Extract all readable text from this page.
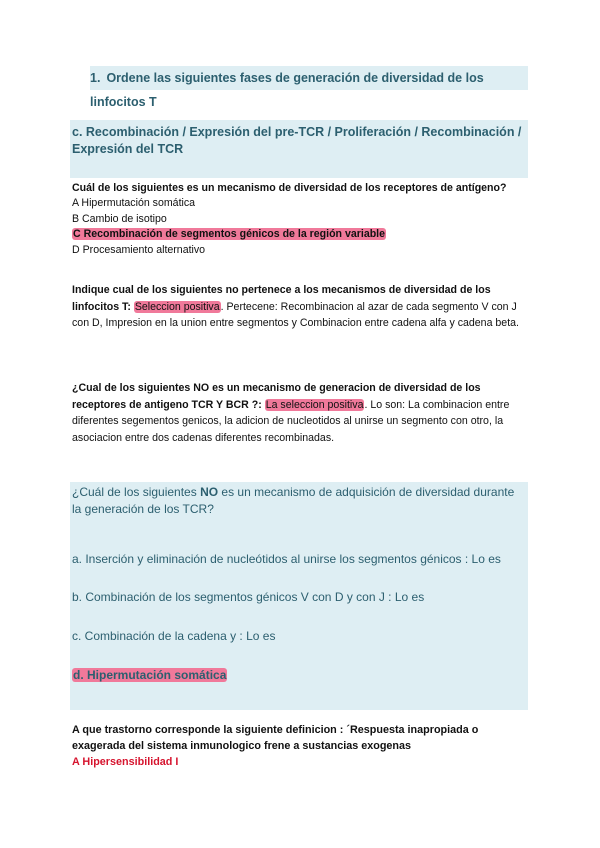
1. Ordene las siguientes fases de generación de diversidad de los linfocitos T
c. Recombinación / Expresión del pre-TCR / Proliferación / Recombinación / Expresión del TCR
Cuál de los siguientes es un mecanismo de diversidad de los receptores de antígeno?
A Hipermutación somática
B Cambio de isotipo
C Recombinación de segmentos génicos de la región variable
D Procesamiento alternativo
Indique cual de los siguientes no pertenece a los mecanismos de diversidad de los linfocitos T: Seleccion positiva. Pertecene: Recombinacion al azar de cada segmento V con J con D, Impresion en la union entre segmentos y Combinacion entre cadena alfa y cadena beta.
¿Cual de los siguientes NO es un mecanismo de generacion de diversidad de los receptores de antigeno TCR Y BCR ?: La seleccion positiva. Lo son: La combinacion entre diferentes segementos genicos, la adicion de nucleotidos al unirse un segmento con otro, la asociacion entre dos cadenas diferentes recombinadas.
¿Cuál de los siguientes NO es un mecanismo de adquisición de diversidad durante la generación de los TCR?
a. Inserción y eliminación de nucleótidos al unirse los segmentos génicos : Lo es
b. Combinación de los segmentos génicos V con D y con J : Lo es
c. Combinación de la cadena y : Lo es
d. Hipermutación somática
A que trastorno corresponde la siguiente definicion : ´Respuesta inapropiada o exagerada del sistema inmunologico frene a sustancias exogenas
A Hipersensibilidad I
